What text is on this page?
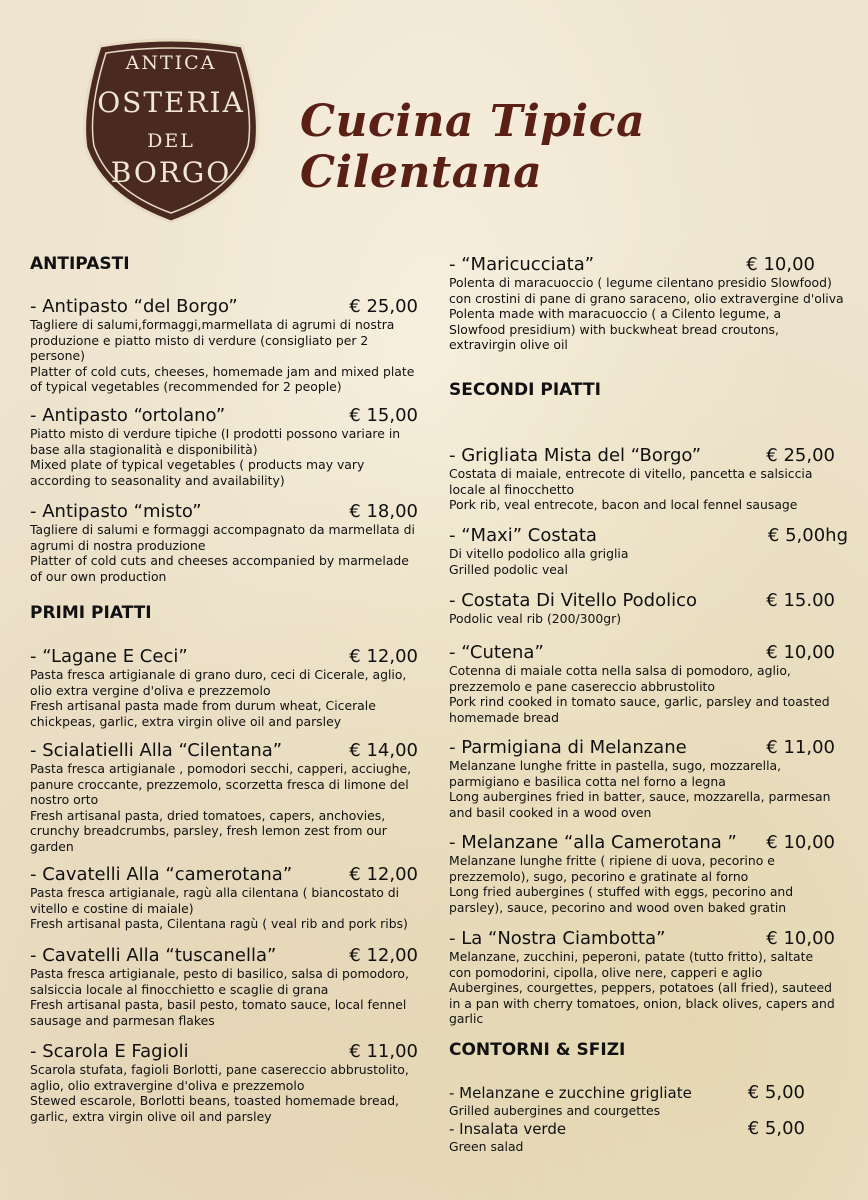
ANTICA
OSTERIA
DEL
BORGO
Cucina Tipica Cilentana
ANTIPASTI
- Antipasto “del Borgo”	€ 25,00
Tagliere di salumi,formaggi,marmellata di agrumi di nostra
produzione e piatto misto di verdure (consigliato per 2
persone)
Platter of cold cuts, cheeses, homemade jam and mixed plate
of typical vegetables (recommended for 2 people)
- Antipasto “ortolano”	€ 15,00
Piatto misto di verdure tipiche (I prodotti possono variare in
base alla stagionalità e disponibilità)
Mixed plate of typical vegetables ( products may vary
according to seasonality and availability)
- Antipasto “misto”	€ 18,00
Tagliere di salumi e formaggi accompagnato da marmellata di
agrumi di nostra produzione
Platter of cold cuts and cheeses accompanied by marmelade
of our own production
PRIMI PIATTI
- “Lagane E Ceci”	€ 12,00
Pasta fresca artigianale di grano duro, ceci di Cicerale, aglio,
olio extra vergine d'oliva e prezzemolo
Fresh artisanal pasta made from durum wheat, Cicerale
chickpeas, garlic, extra virgin olive oil and parsley
- Scialatielli Alla “Cilentana”	€ 14,00
Pasta fresca artigianale , pomodori secchi, capperi, acciughe,
panure croccante, prezzemolo, scorzetta fresca di limone del
nostro orto
Fresh artisanal pasta, dried tomatoes, capers, anchovies,
crunchy breadcrumbs, parsley, fresh lemon zest from our
garden
- Cavatelli Alla “camerotana”	€ 12,00
Pasta fresca artigianale, ragù alla cilentana ( biancostato di
vitello e costine di maiale)
Fresh artisanal pasta, Cilentana ragù ( veal rib and pork ribs)
- Cavatelli Alla “tuscanella”	€ 12,00
Pasta fresca artigianale, pesto di basilico, salsa di pomodoro,
salsiccia locale al finocchietto e scaglie di grana
Fresh artisanal pasta, basil pesto, tomato sauce, local fennel
sausage and parmesan flakes
- Scarola E Fagioli	€ 11,00
Scarola stufata, fagioli Borlotti, pane casereccio abbrustolito,
aglio, olio extravergine d'oliva e prezzemolo
Stewed escarole, Borlotti beans, toasted homemade bread,
garlic, extra virgin olive oil and parsley
- “Maricucciata”	€ 10,00
Polenta di maracuoccio ( legume cilentano presidio Slowfood)
con crostini di pane di grano saraceno, olio extravergine d'oliva
Polenta made with maracuoccio ( a Cilento legume, a
Slowfood presidium) with buckwheat bread croutons,
extravirgin olive oil
SECONDI PIATTI
- Grigliata Mista del “Borgo”	€ 25,00
Costata di maiale, entrecote di vitello, pancetta e salsiccia
locale al finocchetto
Pork rib, veal entrecote, bacon and local fennel sausage
- “Maxi” Costata	€ 5,00hg
Di vitello podolico alla griglia
Grilled podolic veal
- Costata Di Vitello Podolico	€ 15.00
Podolic veal rib (200/300gr)
- “Cutena”	€ 10,00
Cotenna di maiale cotta nella salsa di pomodoro, aglio,
prezzemolo e pane casereccio abbrustolito
Pork rind cooked in tomato sauce, garlic, parsley and toasted
homemade bread
- Parmigiana di Melanzane	€ 11,00
Melanzane lunghe fritte in pastella, sugo, mozzarella,
parmigiano e basilica cotta nel forno a legna
Long aubergines fried in batter, sauce, mozzarella, parmesan
and basil cooked in a wood oven
- Melanzane “alla Camerotana ” € 10,00
Melanzane lunghe fritte ( ripiene di uova, pecorino e
prezzemolo), sugo, pecorino e gratinate al forno
Long fried aubergines ( stuffed with eggs, pecorino and
parsley), sauce, pecorino and wood oven baked gratin
- La “Nostra Ciambotta”	€ 10,00
Melanzane, zucchini, peperoni, patate (tutto fritto), saltate
con pomodorini, cipolla, olive nere, capperi e aglio
Aubergines, courgettes, peppers, potatoes (all fried), sauteed
in a pan with cherry tomatoes, onion, black olives, capers and
garlic
CONTORNI & SFIZI
- Melanzane e zucchine grigliate	€ 5,00
Grilled aubergines and courgettes
- Insalata verde	€ 5,00
Green salad
